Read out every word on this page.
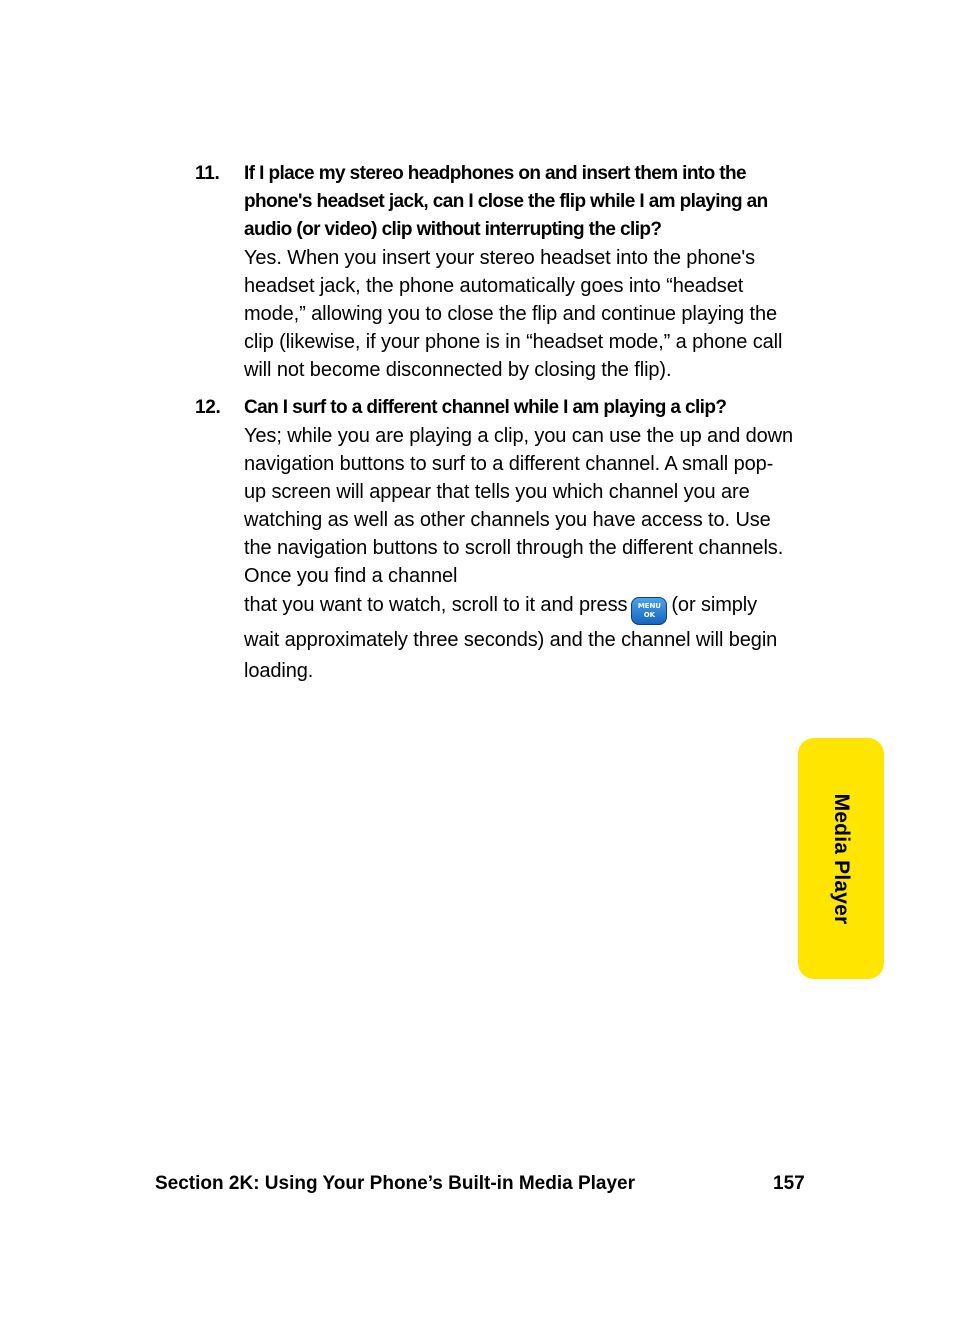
11. If I place my stereo headphones on and insert them into the phone's headset jack, can I close the flip while I am playing an audio (or video) clip without interrupting the clip?

Yes. When you insert your stereo headset into the phone's headset jack, the phone automatically goes into “headset mode,” allowing you to close the flip and continue playing the clip (likewise, if your phone is in “headset mode,” a phone call will not become disconnected by closing the flip).

12. Can I surf to a different channel while I am playing a clip?

Yes; while you are playing a clip, you can use the up and down navigation buttons to surf to a different channel. A small pop-up screen will appear that tells you which channel you are watching as well as other channels you have access to. Use the navigation buttons to scroll through the different channels. Once you find a channel

that you want to watch, scroll to it and press	MENU
OK (or simply wait approximately three seconds) and the channel will begin loading.

Media Player
Section 2K: Using Your Phone’s Built-in Media Player	157
